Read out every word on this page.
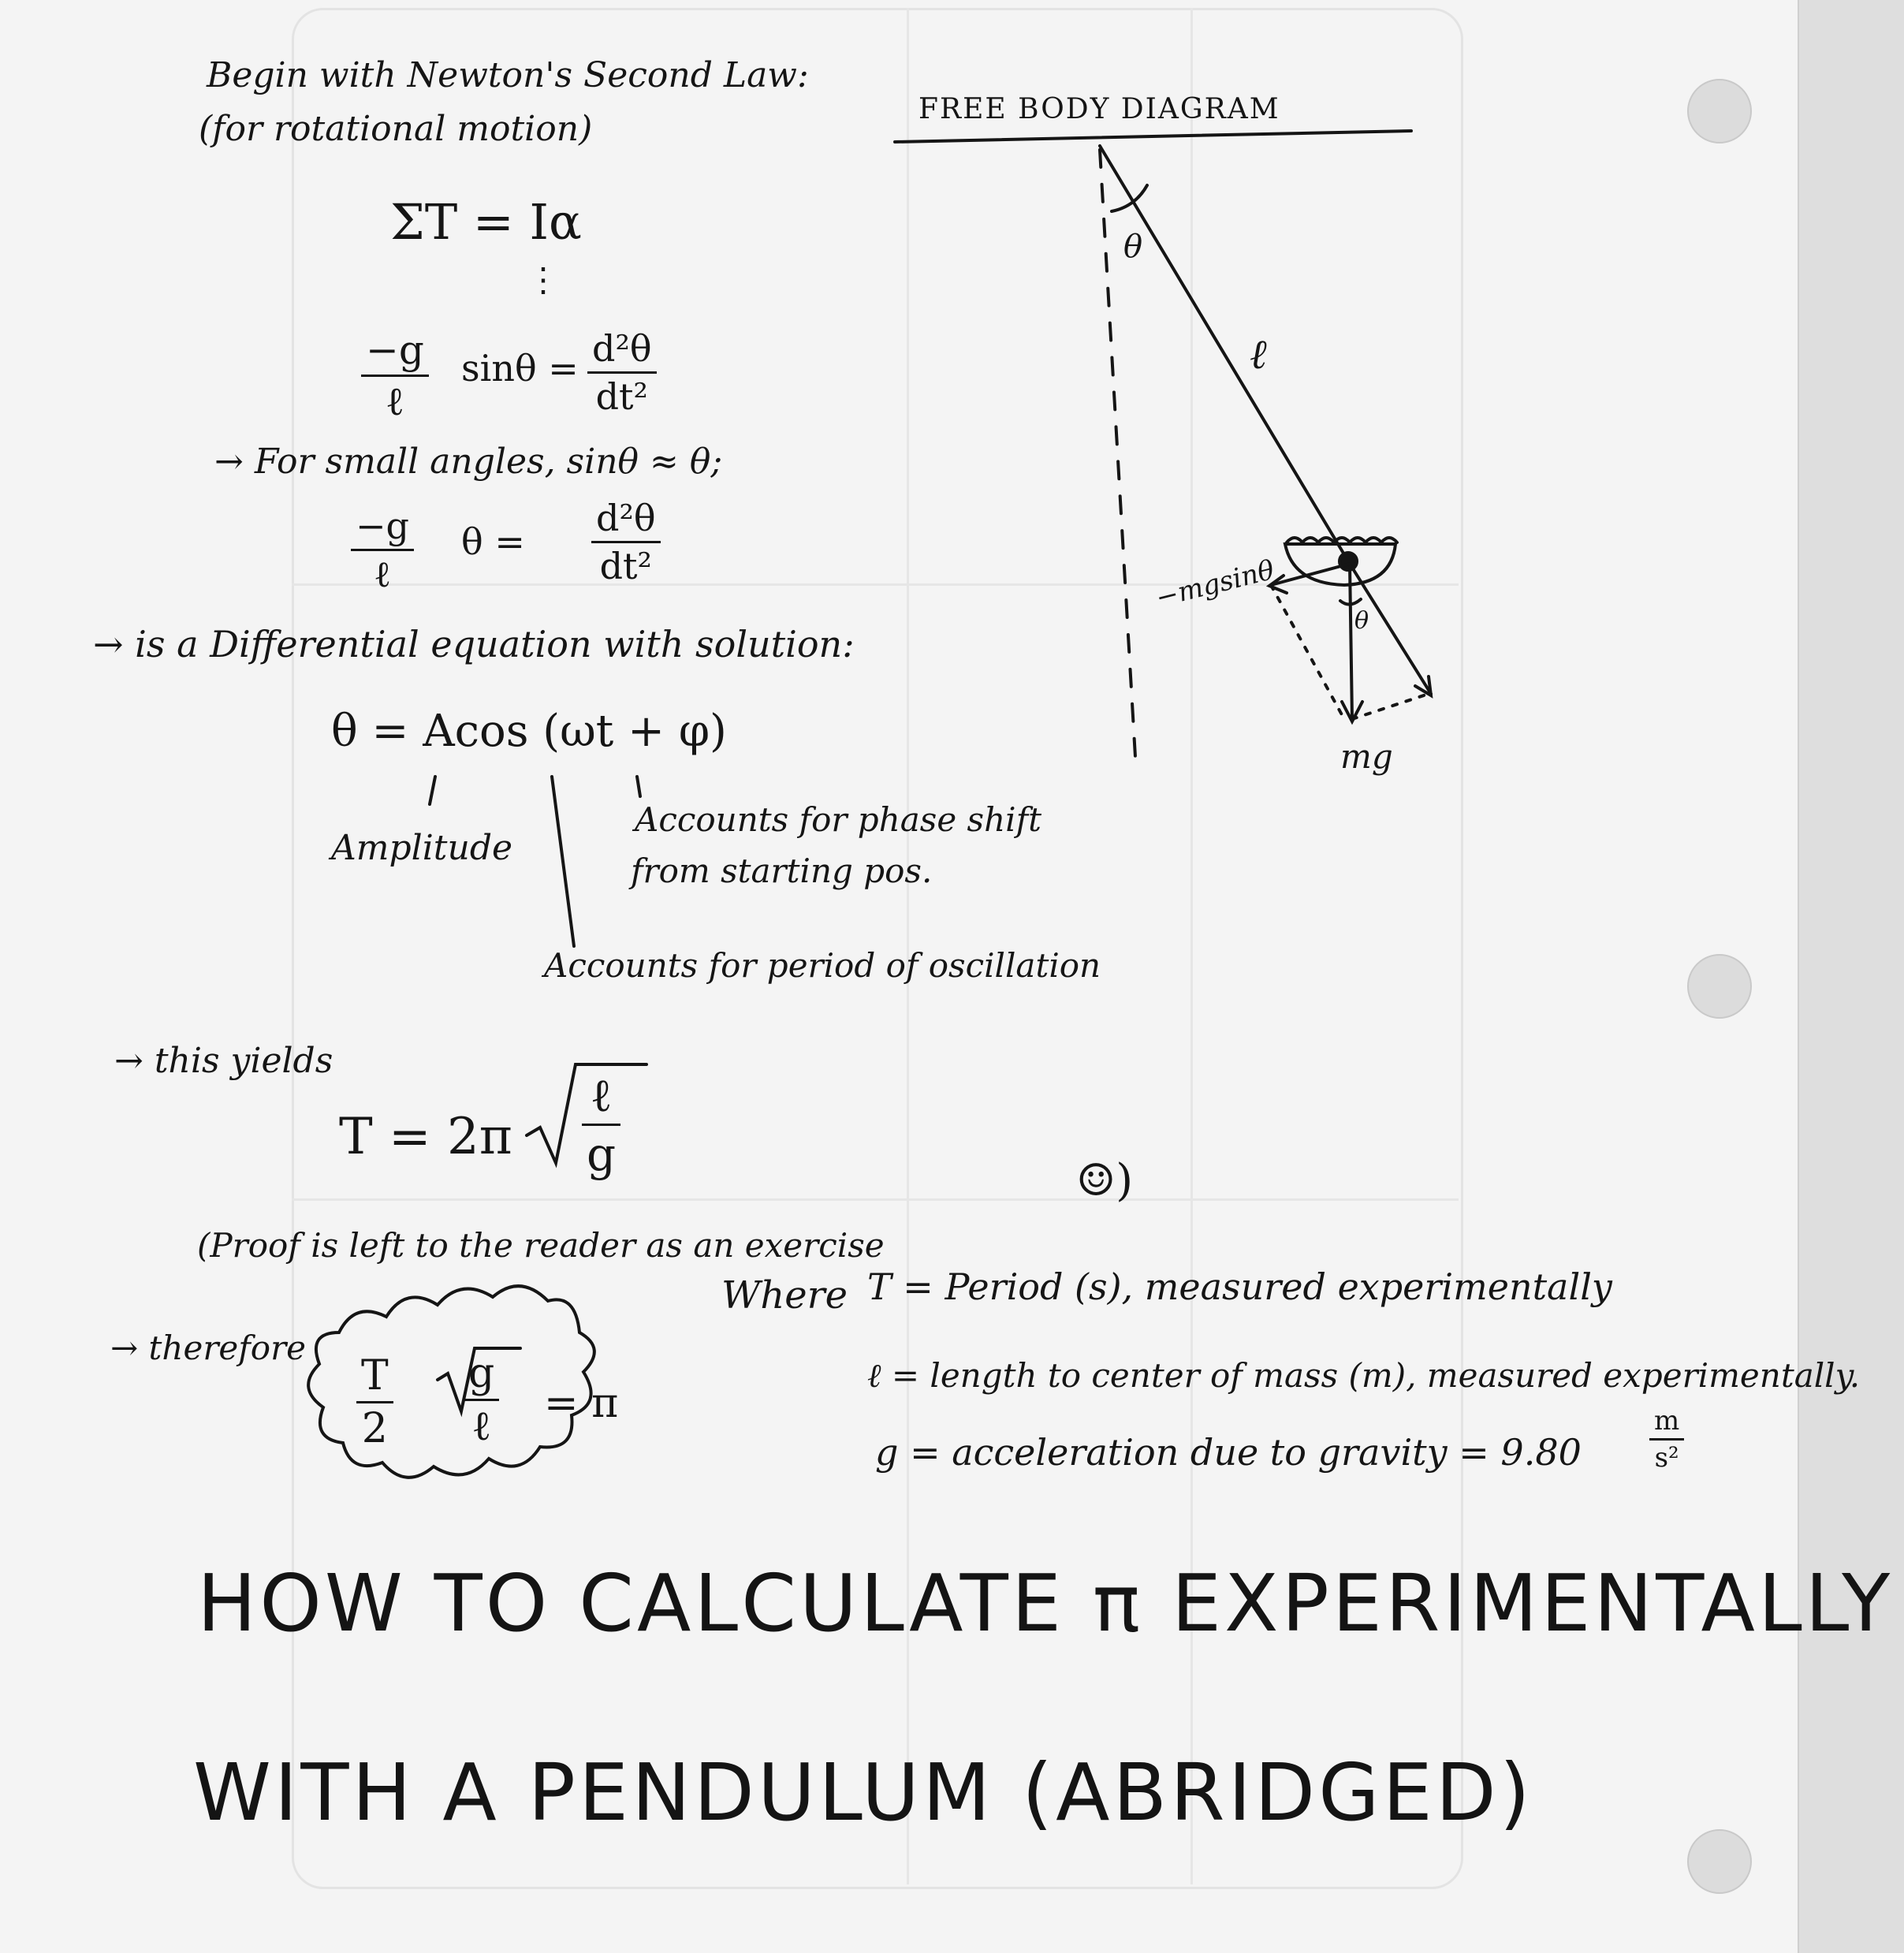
Begin with Newton's Second Law:
(for rotational motion)
ΣT = Iα
⋮
−g
ℓ
sinθ = d²θ
dt²
→ For small angles, sinθ ≈ θ;
−g
ℓ
θ =
d²θ
dt²
→ is a Differential equation with solution:
θ = Acos (ωt + φ)
Amplitude
Accounts for phase shift
from starting pos.
Accounts for period of oscillation
→ this yields
T = 2π
ℓ
g
(Proof is left to the reader as an exercise
☺)
→ therefore
T
2
g
ℓ = π
Where T = Period (s), measured experimentally
ℓ = length to center of mass (m), measured experimentally.
g = acceleration due to gravity = 9.80
m
s²
FREE BODY DIAGRAM
θ
ℓ
−mgsinθ
θ
mg
HOW TO CALCULATE π EXPERIMENTALLY
WITH A PENDULUM (ABRIDGED)
